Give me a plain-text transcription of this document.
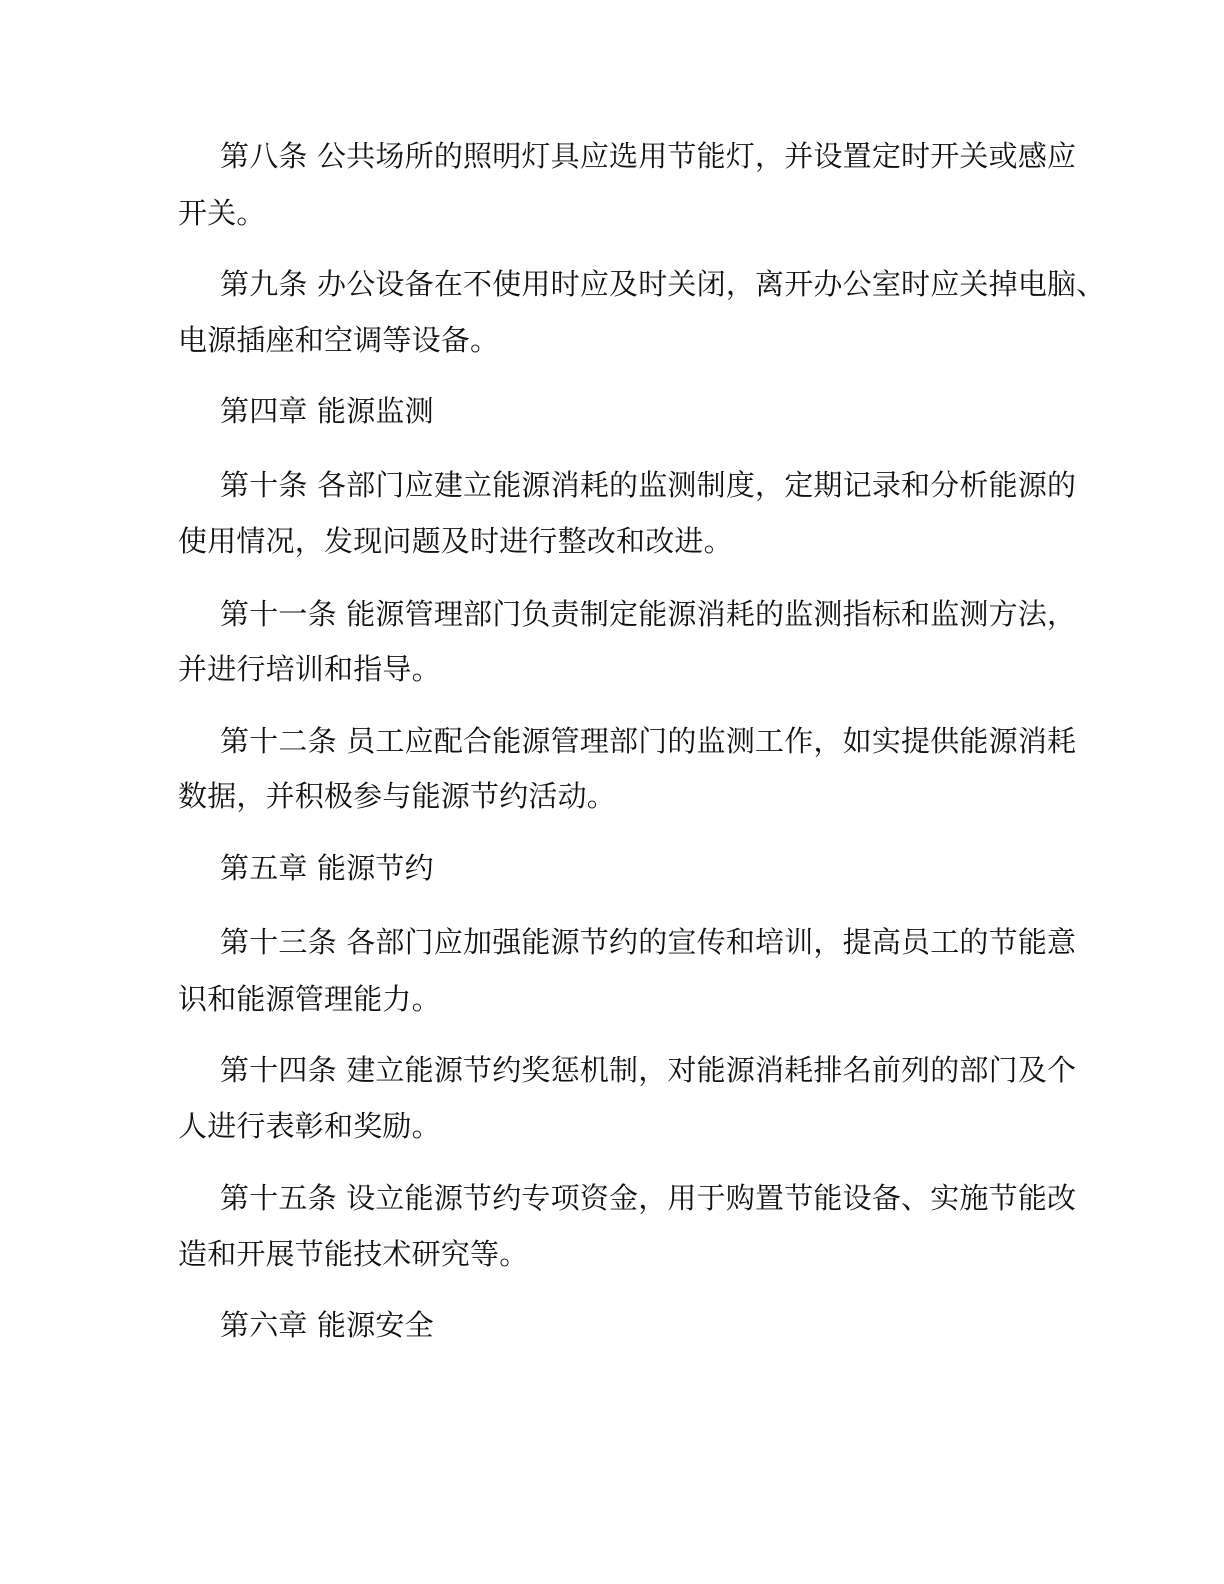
第八条 公共场所的照明灯具应选用节能灯，并设置定时开关或感应
开关。
第九条 办公设备在不使用时应及时关闭，离开办公室时应关掉电脑、
电源插座和空调等设备。
第四章 能源监测
第十条 各部门应建立能源消耗的监测制度，定期记录和分析能源的
使用情况，发现问题及时进行整改和改进。
第十一条 能源管理部门负责制定能源消耗的监测指标和监测方法，
并进行培训和指导。
第十二条 员工应配合能源管理部门的监测工作，如实提供能源消耗
数据，并积极参与能源节约活动。
第五章 能源节约
第十三条 各部门应加强能源节约的宣传和培训，提高员工的节能意
识和能源管理能力。
第十四条 建立能源节约奖惩机制，对能源消耗排名前列的部门及个
人进行表彰和奖励。
第十五条 设立能源节约专项资金，用于购置节能设备、实施节能改
造和开展节能技术研究等。
第六章 能源安全
